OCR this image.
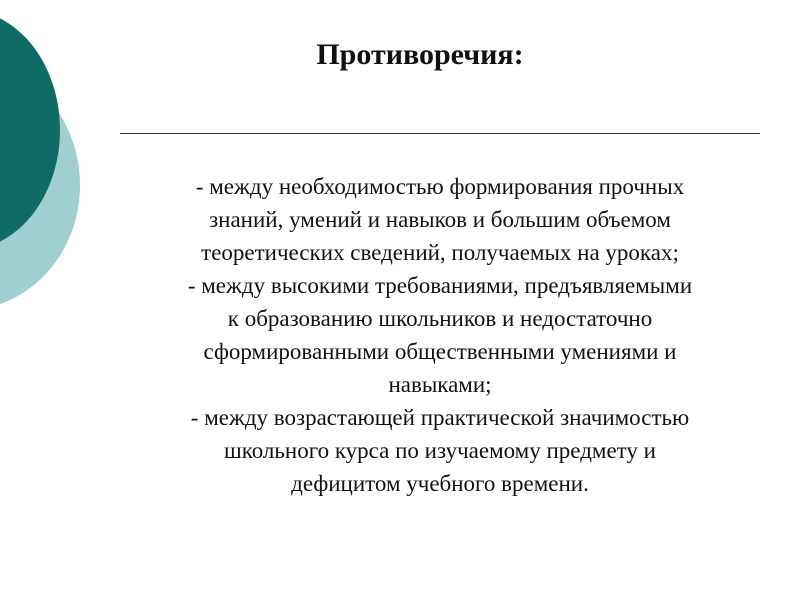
Противоречия:
- между необходимостью формирования прочных
знаний, умений и навыков и большим объемом
теоретических сведений, получаемых на уроках;
- между высокими требованиями, предъявляемыми
к образованию школьников и недостаточно
сформированными общественными умениями и
навыками;
- между возрастающей практической значимостью
школьного курса по изучаемому предмету и
дефицитом учебного времени.
